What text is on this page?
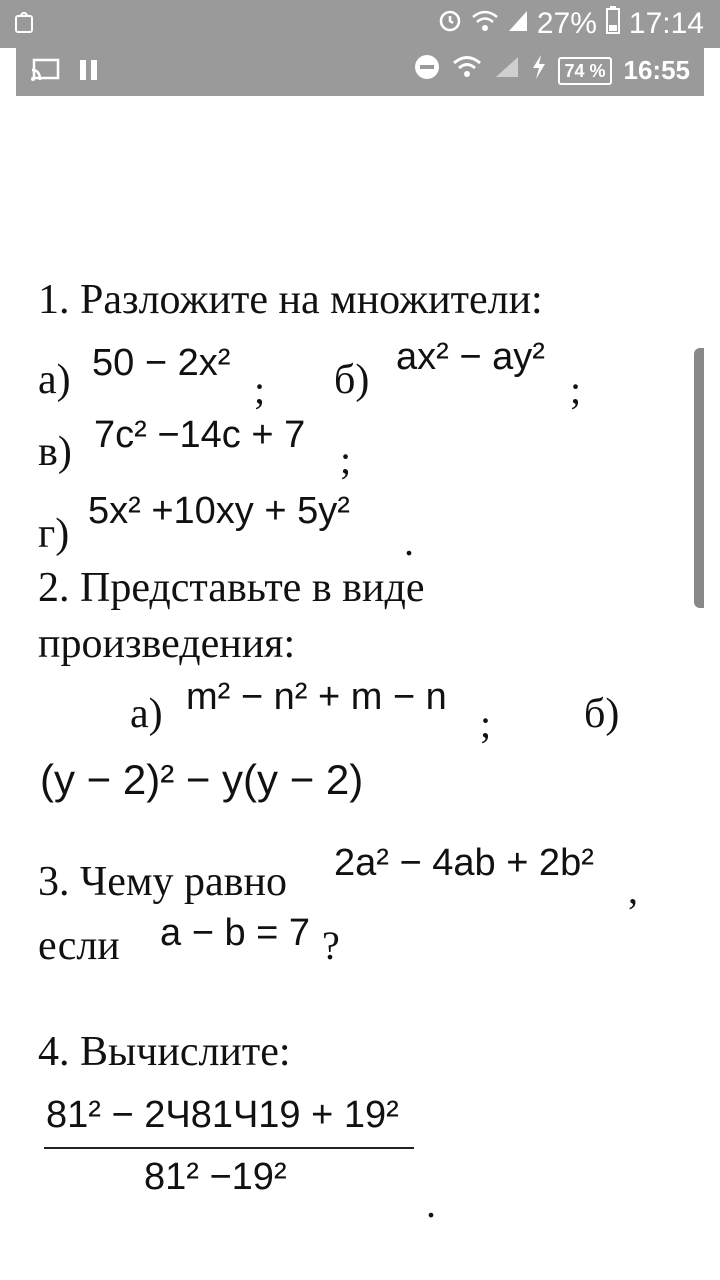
27% 17:14
74 % 16:55
1. Разложите на множители:
а) 50 − 2x²
; б) ax² − ay²
;
в) 7c² −14c + 7
;
г) 5x² +10xy + 5y²
.
2. Представьте в виде
произведения:
а) m² − n² + m − n
; б)
(y − 2)² − y(y − 2)
3. Чему равно 2a² − 4ab + 2b²
,
если a − b = 7 ?
4. Вычислите:
81² − 2Ч81Ч19 + 19²
81² −19²
.
